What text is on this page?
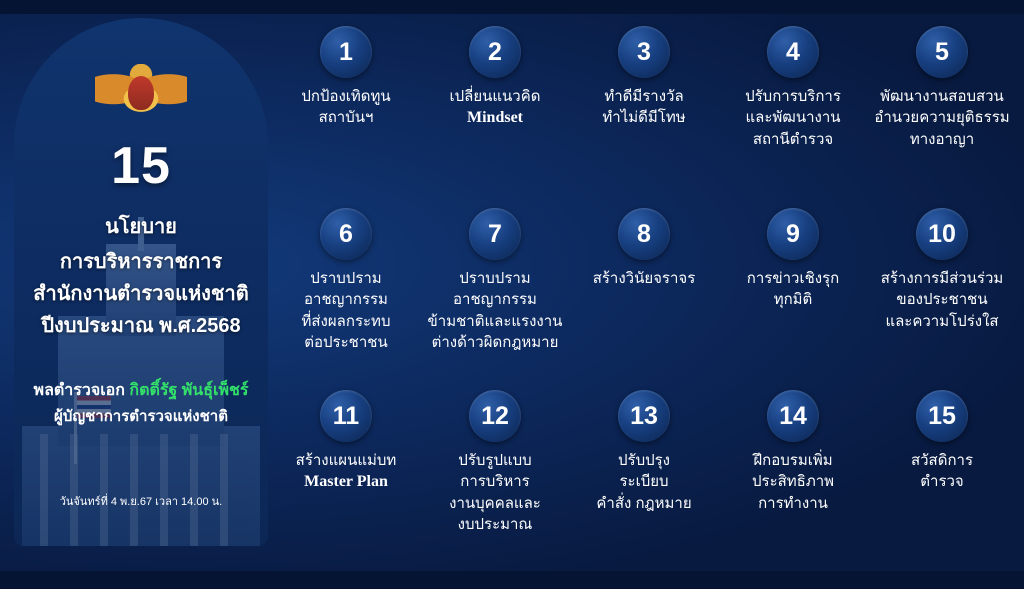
15
นโยบาย
การบริหารราชการ
สำนักงานตำรวจแห่งชาติ
ปีงบประมาณ พ.ศ.2568
พลตำรวจเอก กิตติ์รัฐ พันธุ์เพ็ชร์
ผู้บัญชาการตำรวจแห่งชาติ
วันจันทร์ที่ 4 พ.ย.67 เวลา 14.00 น.
1
ปกป้องเทิดทูน
สถาบันฯ
2
เปลี่ยนแนวคิด
Mindset
3
ทำดีมีรางวัล
ทำไม่ดีมีโทษ
4
ปรับการบริการ
และพัฒนางาน
สถานีตำรวจ
5
พัฒนางานสอบสวน
อำนวยความยุติธรรม
ทางอาญา
6
ปราบปราม
อาชญากรรม
ที่ส่งผลกระทบ
ต่อประชาชน
7
ปราบปราม
อาชญากรรม
ข้ามชาติและแรงงาน
ต่างด้าวผิดกฎหมาย
8
สร้างวินัยจราจร
9
การข่าวเชิงรุก
ทุกมิติ
10
สร้างการมีส่วนร่วม
ของประชาชน
และความโปร่งใส
11
สร้างแผนแม่บท
Master Plan
12
ปรับรูปแบบ
การบริหาร
งานบุคคลและ
งบประมาณ
13
ปรับปรุง
ระเบียบ
คำสั่ง กฎหมาย
14
ฝึกอบรมเพิ่ม
ประสิทธิภาพ
การทำงาน
15
สวัสดิการ
ตำรวจ
